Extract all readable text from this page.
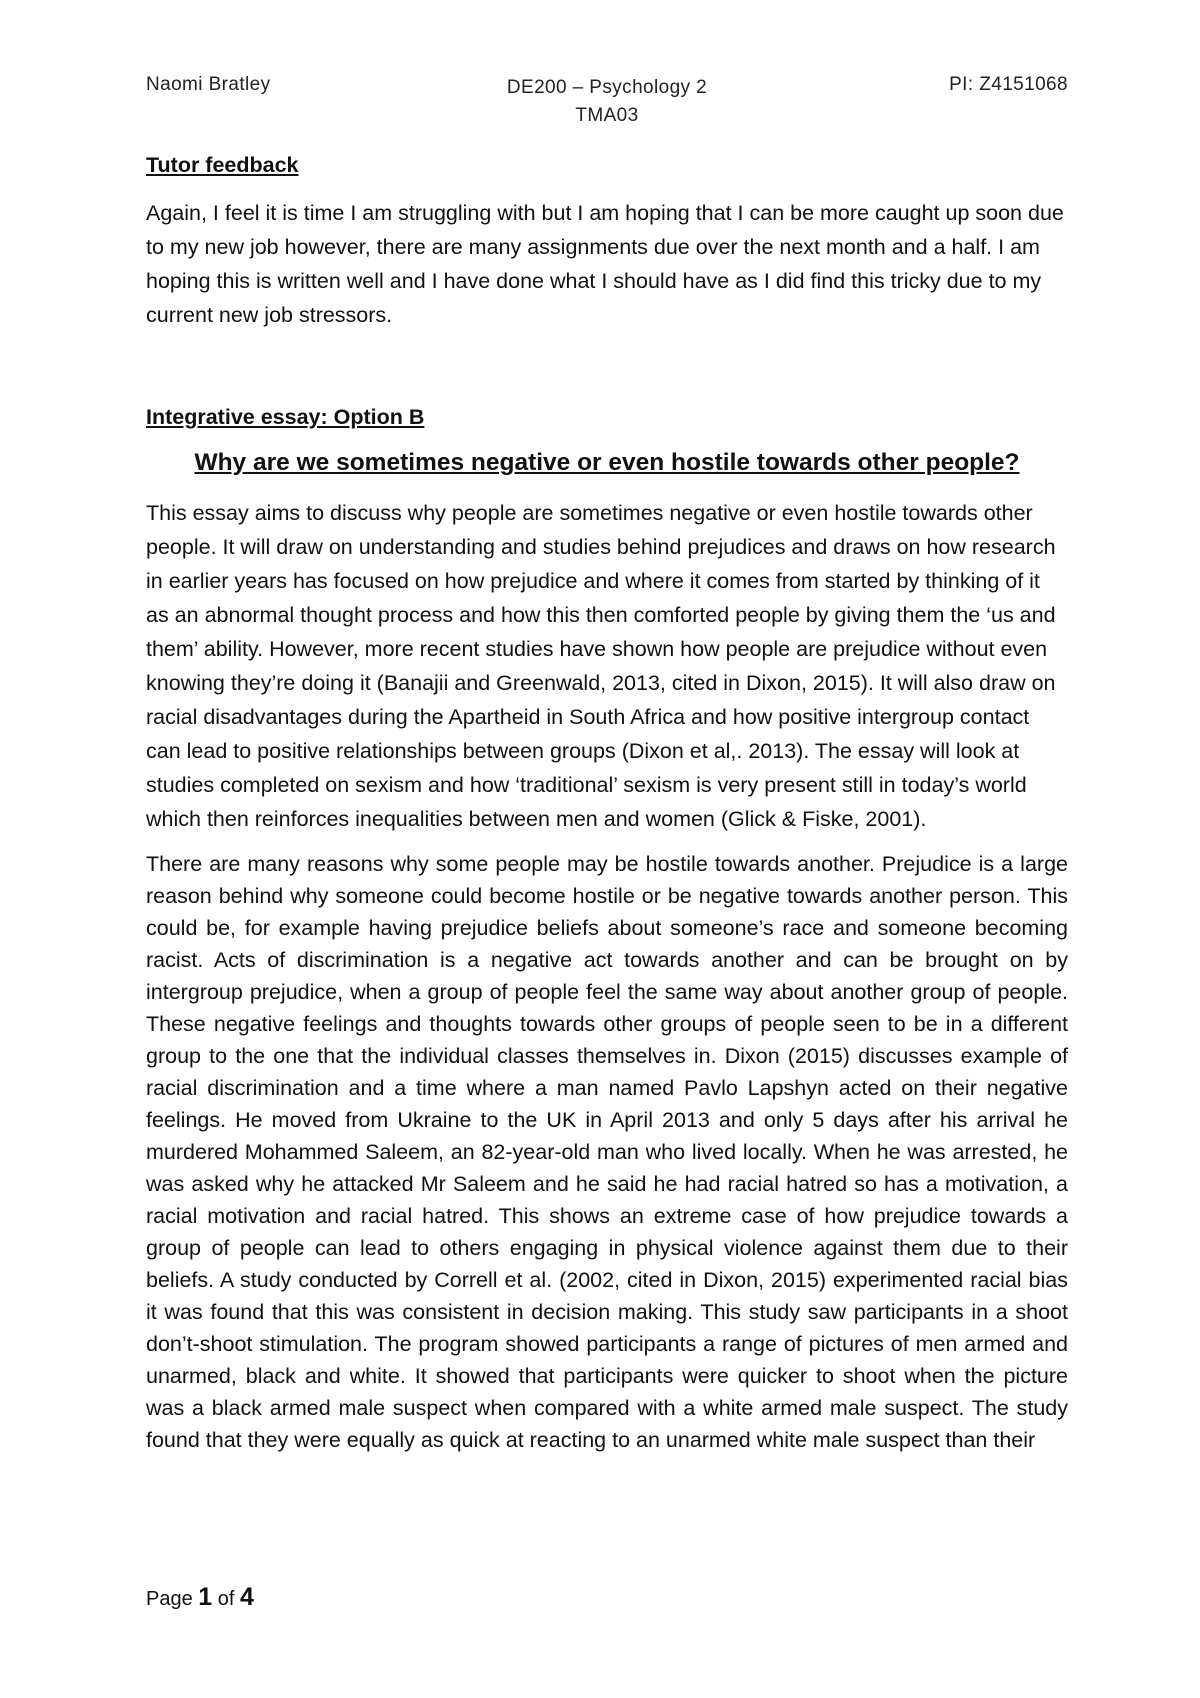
Naomi Bratley	DE200 – Psychology 2
TMA03
PI: Z4151068

Tutor feedback

Again, I feel it is time I am struggling with but I am hoping that I can be more caught up soon due to my new job however, there are many assignments due over the next month and a half. I am hoping this is written well and I have done what I should have as I did find this tricky due to my current new job stressors.

Integrative essay: Option B

Why are we sometimes negative or even hostile towards other people?

This essay aims to discuss why people are sometimes negative or even hostile towards other people. It will draw on understanding and studies behind prejudices and draws on how research in earlier years has focused on how prejudice and where it comes from started by thinking of it as an abnormal thought process and how this then comforted people by giving them the ‘us and them’ ability. However, more recent studies have shown how people are prejudice without even knowing they’re doing it (Banajii and Greenwald, 2013, cited in Dixon, 2015). It will also draw on racial disadvantages during the Apartheid in South Africa and how positive intergroup contact can lead to positive relationships between groups (Dixon et al,. 2013). The essay will look at studies completed on sexism and how ‘traditional’ sexism is very present still in today’s world which then reinforces inequalities between men and women (Glick & Fiske, 2001).

There are many reasons why some people may be hostile towards another. Prejudice is a large reason behind why someone could become hostile or be negative towards another person. This could be, for example having prejudice beliefs about someone’s race and someone becoming racist. Acts of discrimination is a negative act towards another and can be brought on by intergroup prejudice, when a group of people feel the same way about another group of people. These negative feelings and thoughts towards other groups of people seen to be in a different group to the one that the individual classes themselves in. Dixon (2015) discusses example of racial discrimination and a time where a man named Pavlo Lapshyn acted on their negative feelings. He moved from Ukraine to the UK in April 2013 and only 5 days after his arrival he murdered Mohammed Saleem, an 82-year-old man who lived locally. When he was arrested, he was asked why he attacked Mr Saleem and he said he had racial hatred so has a motivation, a racial motivation and racial hatred. This shows an extreme case of how prejudice towards a group of people can lead to others engaging in physical violence against them due to their beliefs. A study conducted by Correll et al. (2002, cited in Dixon, 2015) experimented racial bias it was found that this was consistent in decision making. This study saw participants in a shoot don’t-shoot stimulation. The program showed participants a range of pictures of men armed and unarmed, black and white. It showed that participants were quicker to shoot when the picture was a black armed male suspect when compared with a white armed male suspect. The study found that they were equally as quick at reacting to an unarmed white male suspect than their

Page 1 of 4
